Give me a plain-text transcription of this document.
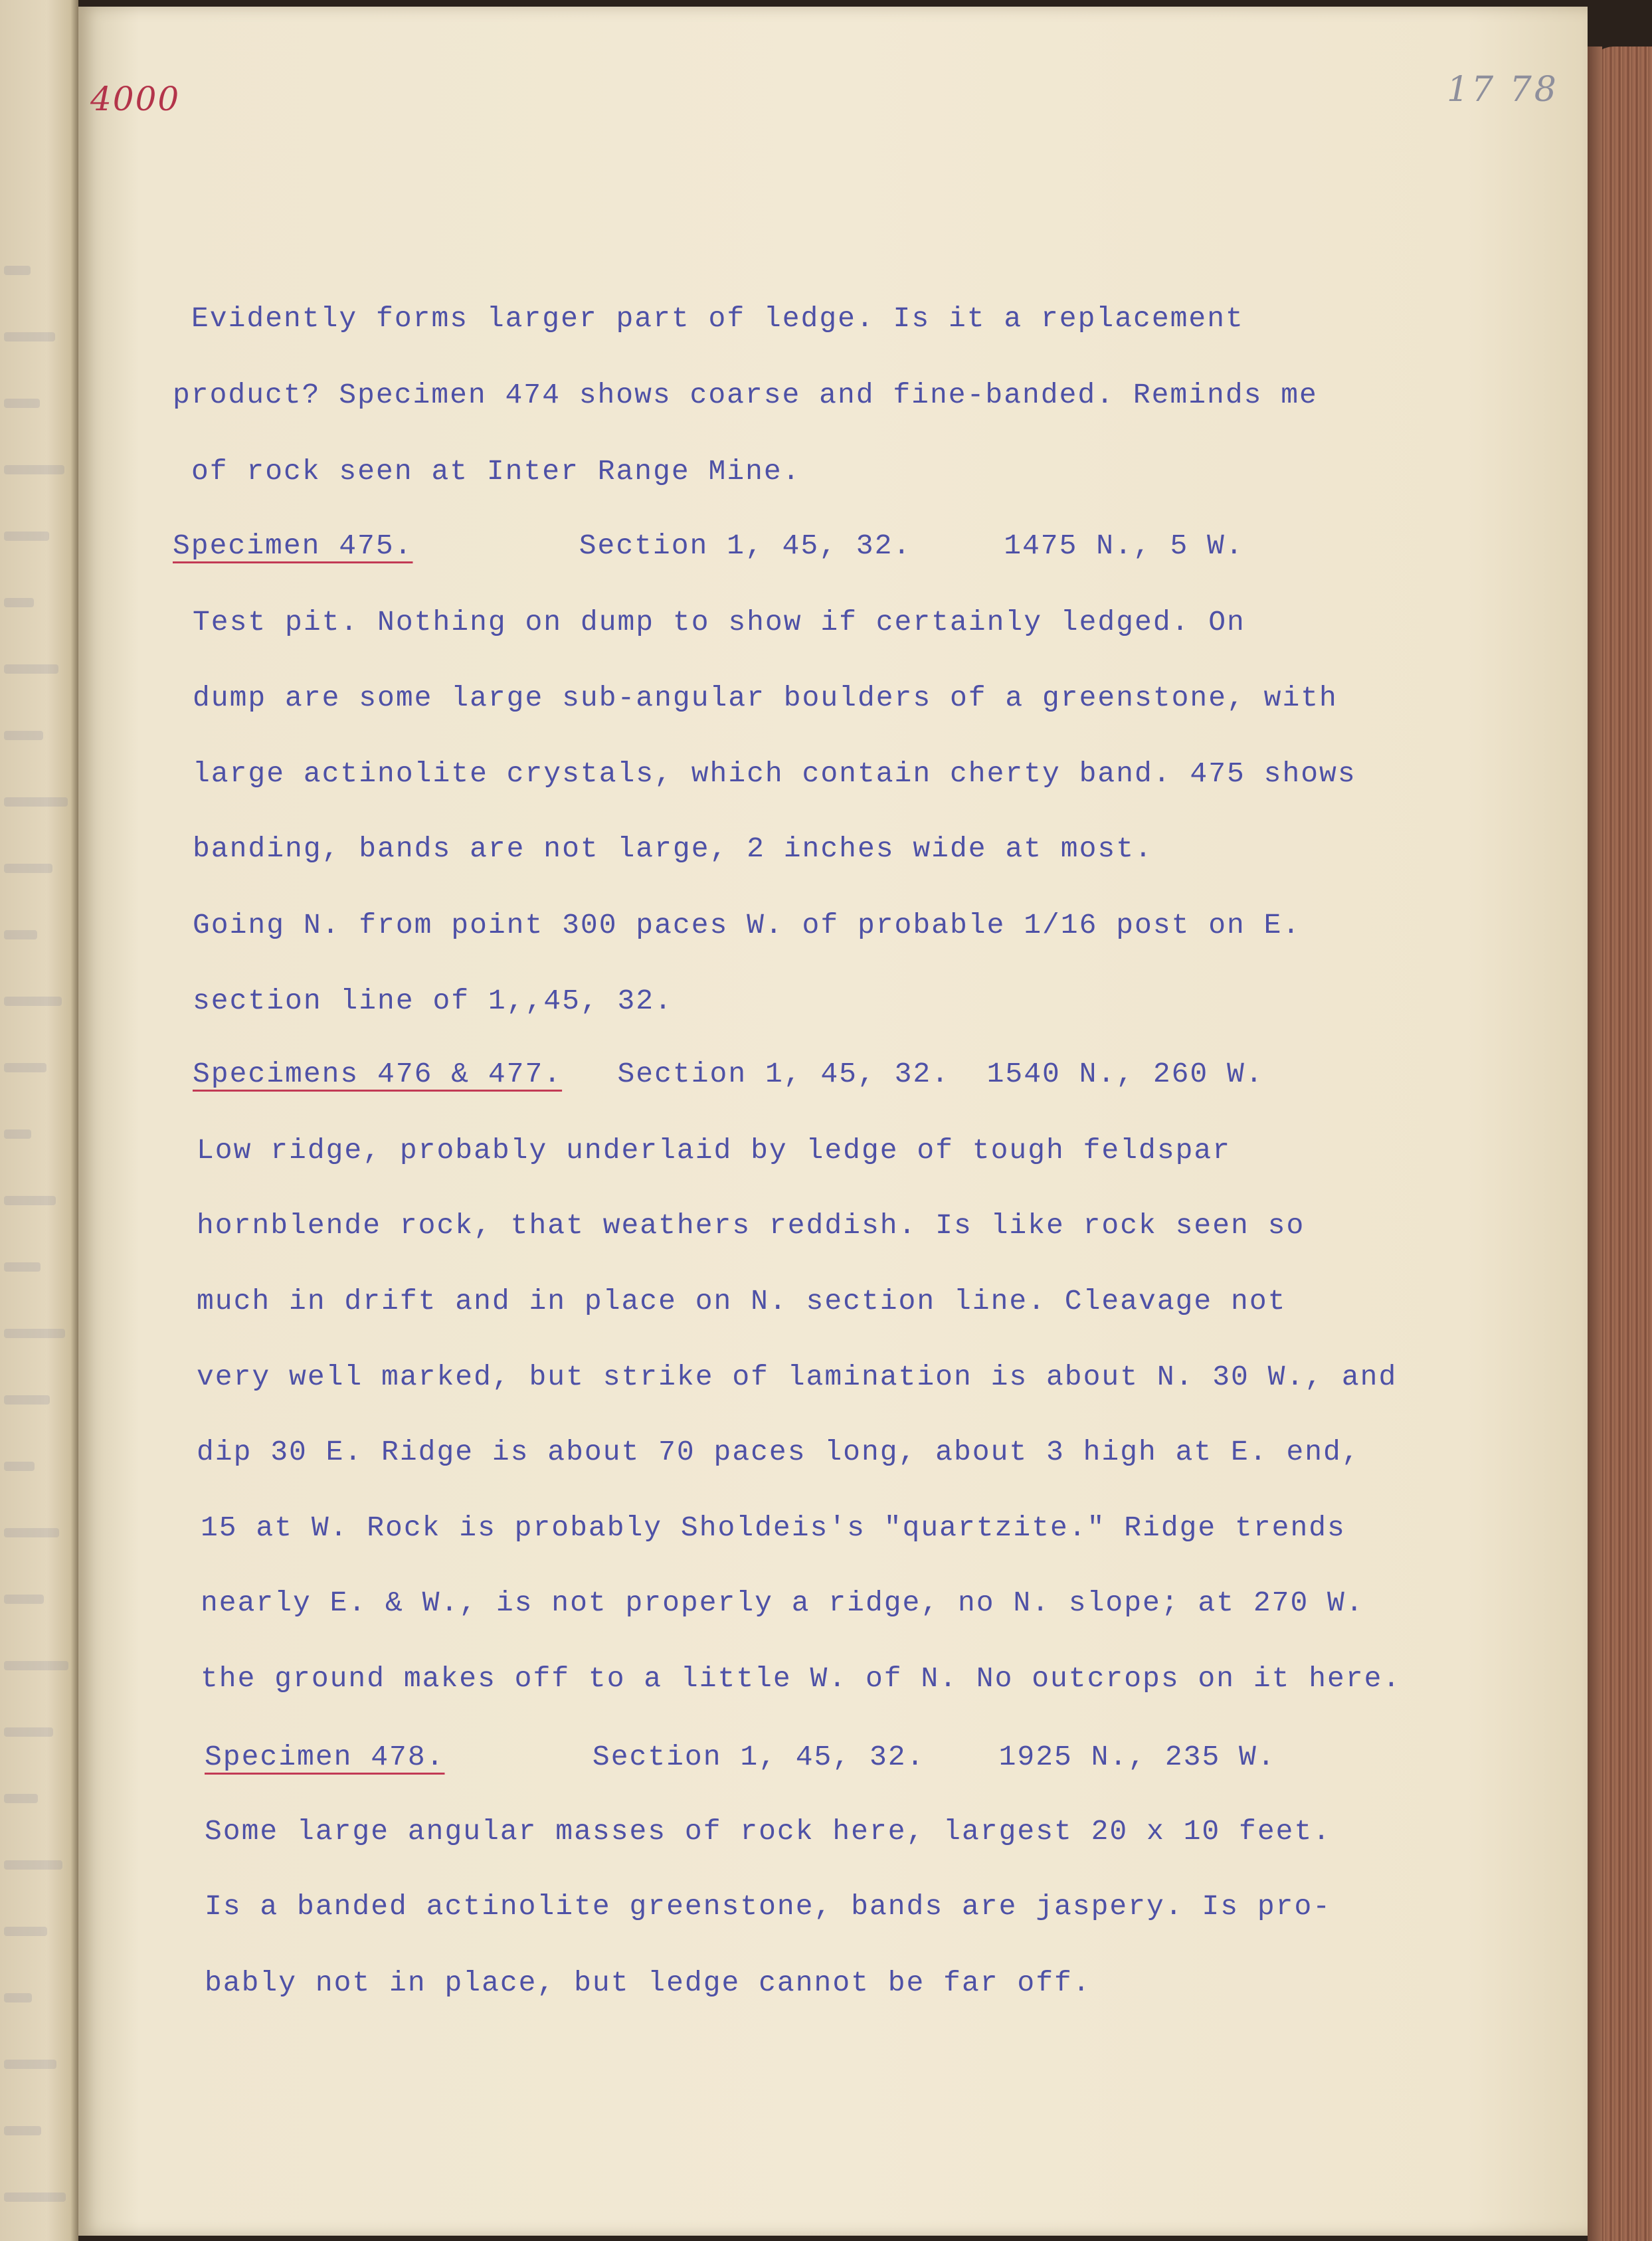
4000	17 78
Evidently forms larger part of ledge. Is it a replacement
product? Specimen 474 shows coarse and fine-banded. Reminds me
of rock seen at Inter Range Mine.
Specimen 475.         Section 1, 45, 32.     1475 N., 5 W.
Test pit. Nothing on dump to show if certainly ledged. On
dump are some large sub-angular boulders of a greenstone, with
large actinolite crystals, which contain cherty band. 475 shows
banding, bands are not large, 2 inches wide at most.
Going N. from point 300 paces W. of probable 1/16 post on E.
section line of 1,,45, 32.
Specimens 476 & 477.   Section 1, 45, 32.  1540 N., 260 W.
Low ridge, probably underlaid by ledge of tough feldspar
hornblende rock, that weathers reddish. Is like rock seen so
much in drift and in place on N. section line. Cleavage not
very well marked, but strike of lamination is about N. 30 W., and
dip 30 E. Ridge is about 70 paces long, about 3 high at E. end,
15 at W. Rock is probably Sholdeis's "quartzite." Ridge trends
nearly E. & W., is not properly a ridge, no N. slope; at 270 W.
the ground makes off to a little W. of N. No outcrops on it here.
Specimen 478.        Section 1, 45, 32.    1925 N., 235 W.
Some large angular masses of rock here, largest 20 x 10 feet.
Is a banded actinolite greenstone, bands are jaspery. Is pro-
bably not in place, but ledge cannot be far off.
